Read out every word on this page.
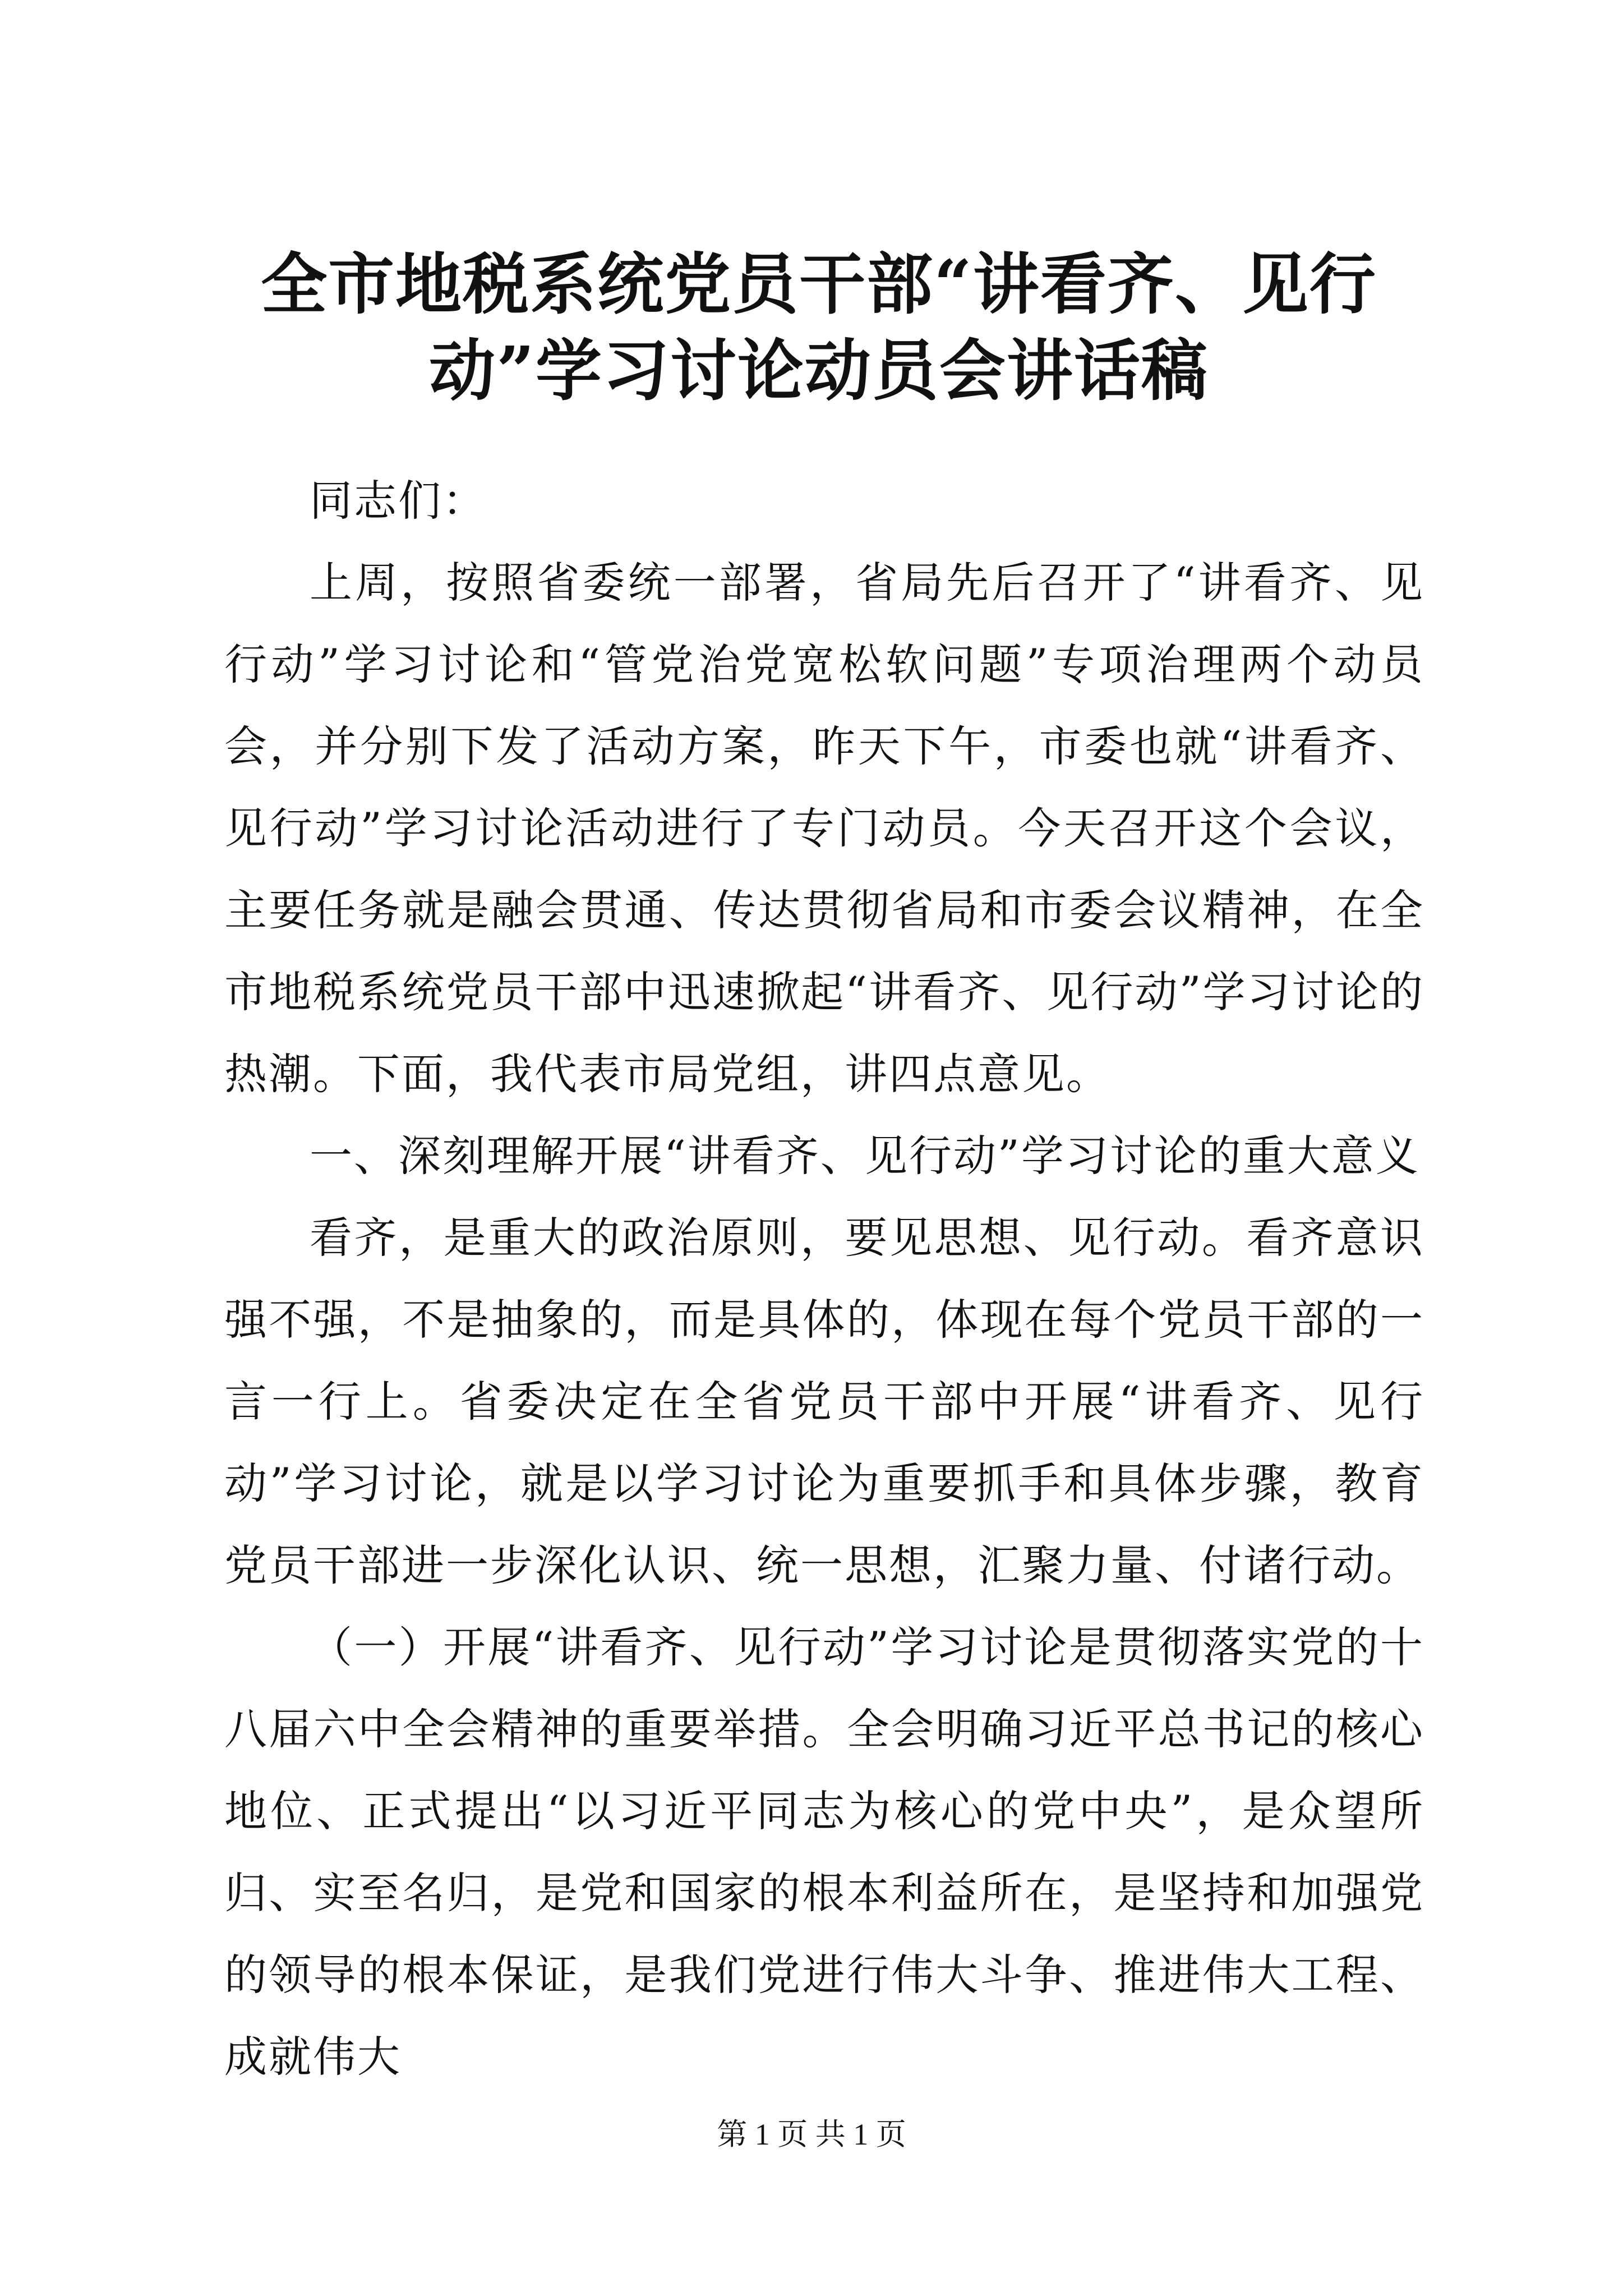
全市地税系统党员干部“讲看齐、见行动”学习讨论动员会讲话稿

同志们：

上周，按照省委统一部署，省局先后召开了“讲看齐、见行动”学习讨论和“管党治党宽松软问题”专项治理两个动员会，并分别下发了活动方案，昨天下午，市委也就“讲看齐、见行动”学习讨论活动进行了专门动员。今天召开这个会议，主要任务就是融会贯通、传达贯彻省局和市委会议精神，在全市地税系统党员干部中迅速掀起“讲看齐、见行动”学习讨论的热潮。下面，我代表市局党组，讲四点意见。

一、深刻理解开展“讲看齐、见行动”学习讨论的重大意义

看齐，是重大的政治原则，要见思想、见行动。看齐意识强不强，不是抽象的，而是具体的，体现在每个党员干部的一言一行上。省委决定在全省党员干部中开展“讲看齐、见行动”学习讨论，就是以学习讨论为重要抓手和具体步骤，教育党员干部进一步深化认识、统一思想，汇聚力量、付诸行动。

（一）开展“讲看齐、见行动”学习讨论是贯彻落实党的十八届六中全会精神的重要举措。全会明确习近平总书记的核心地位、正式提出“以习近平同志为核心的党中央”，是众望所归、实至名归，是党和国家的根本利益所在，是坚持和加强党的领导的根本保证，是我们党进行伟大斗争、推进伟大工程、成就伟大

第 1 页 共 1 页
